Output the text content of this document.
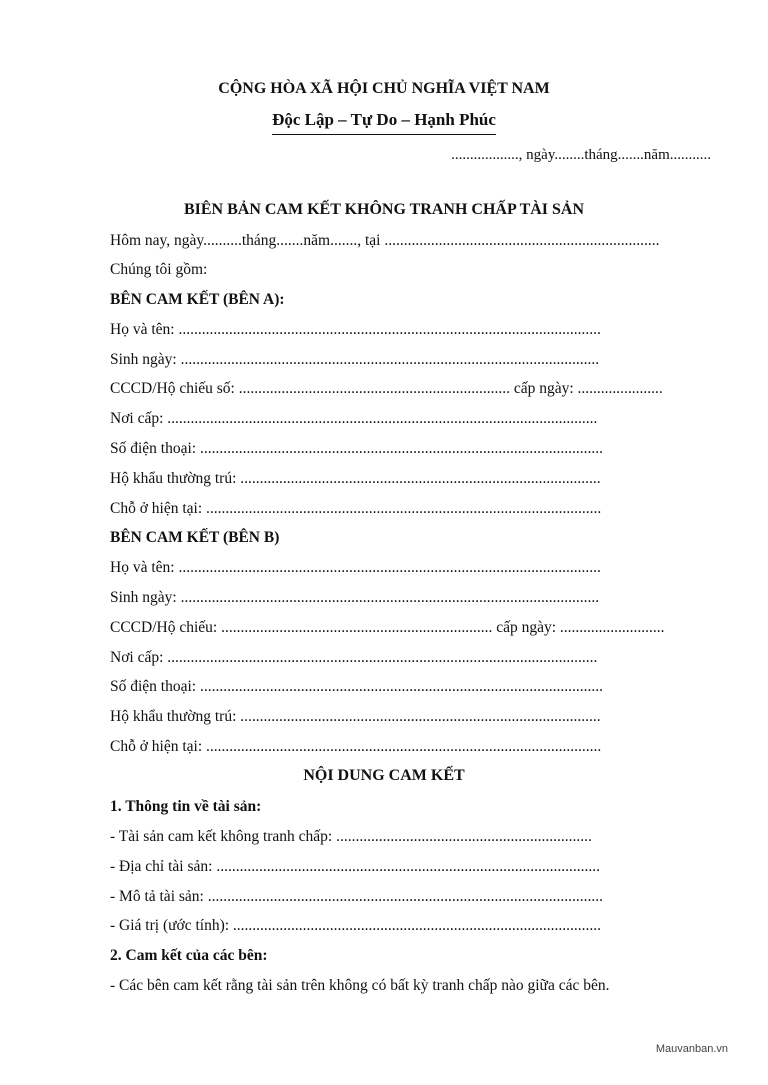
CỘNG HÒA XÃ HỘI CHỦ NGHĨA VIỆT NAM
Độc Lập – Tự Do – Hạnh Phúc
.................., ngày........tháng.......năm...........
BIÊN BẢN CAM KẾT KHÔNG TRANH CHẤP TÀI SẢN
Hôm nay, ngày..........tháng.......năm......., tại .......................................................................
Chúng tôi gồm:
BÊN CAM KẾT (BÊN A):
Họ và tên: .............................................................................................................
Sinh ngày: ............................................................................................................
CCCD/Hộ chiếu số: ...................................................................... cấp ngày: ......................
Nơi cấp: ...............................................................................................................
Số điện thoại: ........................................................................................................
Hộ khẩu thường trú: .............................................................................................
Chỗ ở hiện tại: ......................................................................................................
BÊN CAM KẾT (BÊN B)
Họ và tên: .............................................................................................................
Sinh ngày: ............................................................................................................
CCCD/Hộ chiếu: ...................................................................... cấp ngày: ...........................
Nơi cấp: ...............................................................................................................
Số điện thoại: ........................................................................................................
Hộ khẩu thường trú: .............................................................................................
Chỗ ở hiện tại: ......................................................................................................
NỘI DUNG CAM KẾT
1. Thông tin về tài sản:
- Tài sản cam kết không tranh chấp: ..................................................................
- Địa chỉ tài sản: ...................................................................................................
- Mô tả tài sản: ......................................................................................................
- Giá trị (ước tính): ...............................................................................................
2. Cam kết của các bên:
- Các bên cam kết rằng tài sản trên không có bất kỳ tranh chấp nào giữa các bên.
Mauvanban.vn
